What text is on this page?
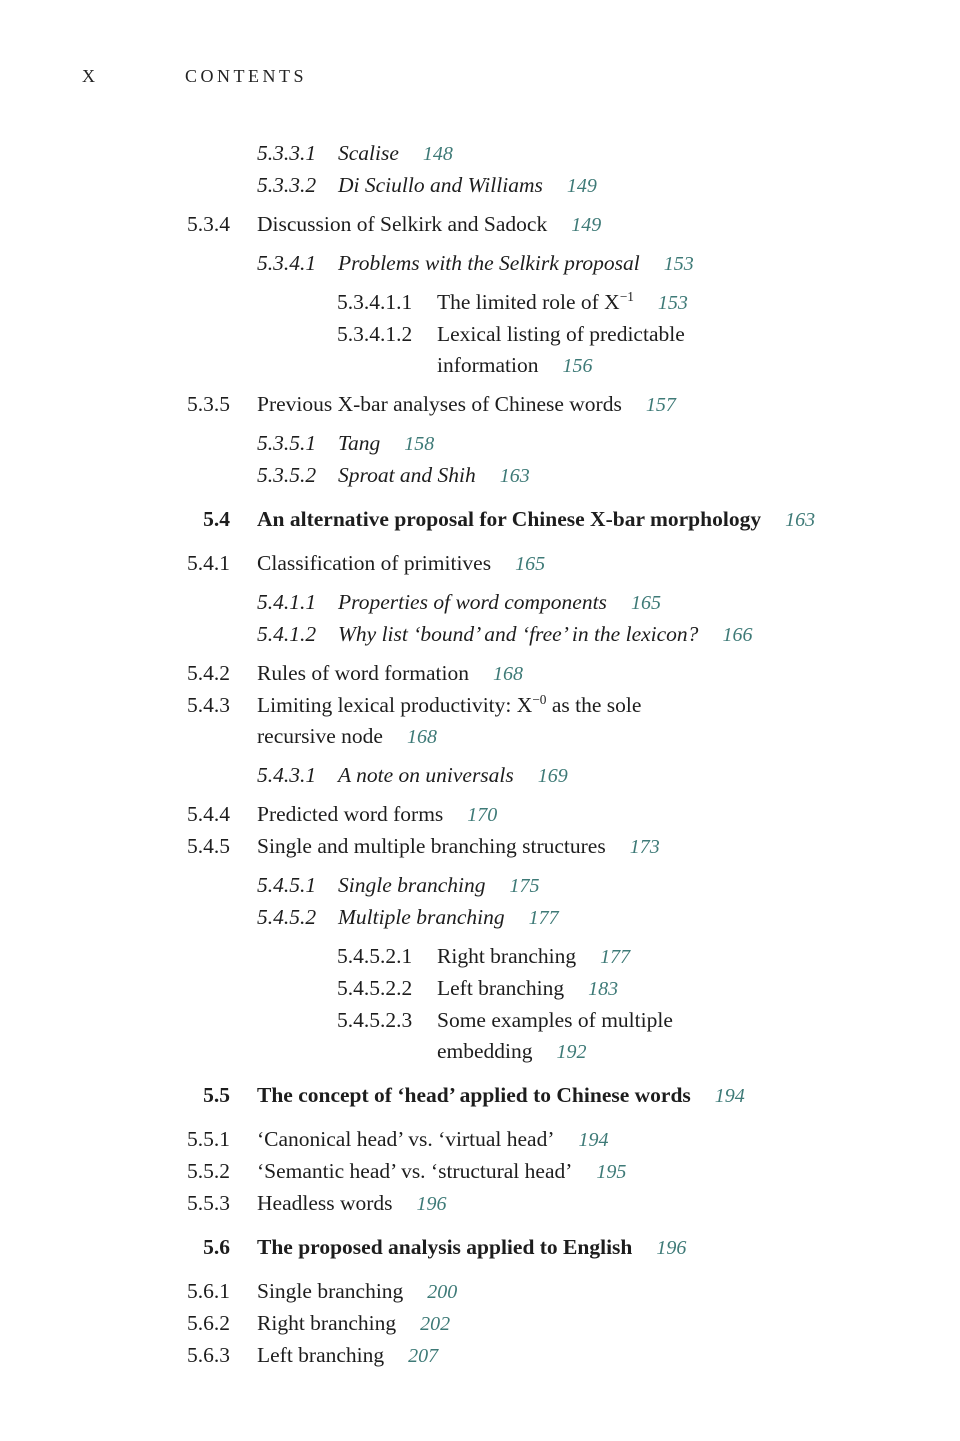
X	CONTENTS
5.3.3.1	Scalise 148
5.3.3.2	Di Sciullo and Williams 149
5.3.4 Discussion of Selkirk and Sadock 149
5.3.4.1	Problems with the Selkirk proposal 153
5.3.4.1.1	The limited role of $X^{-1}$ 153
5.3.4.1.2	Lexical listing of predictable
information 156
5.3.5 Previous X-bar analyses of Chinese words 157
5.3.5.1	Tang 158
5.3.5.2	Sproat and Shih 163
5.4 An alternative proposal for Chinese X-bar morphology 163
5.4.1 Classification of primitives 165
5.4.1.1	Properties of word components 165
5.4.1.2	Why list ‘bound’ and ‘free’ in the lexicon? 166
5.4.2 Rules of word formation 168
5.4.3 Limiting lexical productivity: $X^{-0}$ as the sole
recursive node 168
5.4.3.1	A note on universals 169
5.4.4 Predicted word forms 170
5.4.5 Single and multiple branching structures 173
5.4.5.1	Single branching 175
5.4.5.2	Multiple branching 177
5.4.5.2.1	Right branching 177
5.4.5.2.2	Left branching 183
5.4.5.2.3	Some examples of multiple
embedding 192
5.5 The concept of ‘head’ applied to Chinese words 194
5.5.1 ‘Canonical head’ vs. ‘virtual head’ 194
5.5.2 ‘Semantic head’ vs. ‘structural head’ 195
5.5.3 Headless words 196
5.6 The proposed analysis applied to English 196
5.6.1 Single branching 200
5.6.2 Right branching 202
5.6.3 Left branching 207
